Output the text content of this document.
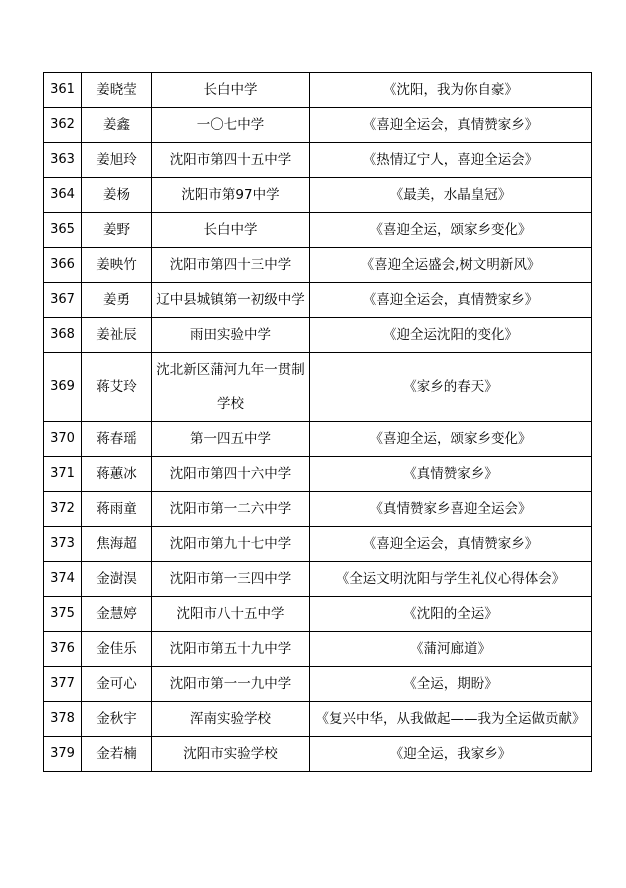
361	姜晓莹	长白中学	《沈阳，我为你自豪》
362	姜鑫	一〇七中学	《喜迎全运会，真情赞家乡》
363	姜旭玲	沈阳市第四十五中学	《热情辽宁人，喜迎全运会》
364	姜杨	沈阳市第97中学	《最美，水晶皇冠》
365	姜野	长白中学	《喜迎全运，颂家乡变化》
366	姜映竹	沈阳市第四十三中学	《喜迎全运盛会,树文明新风》
367	姜勇	辽中县城镇第一初级中学	《喜迎全运会，真情赞家乡》
368	姜祉辰	雨田实验中学	《迎全运沈阳的变化》
369	蒋艾玲	沈北新区蒲河九年一贯制学校	《家乡的春天》
370	蒋春瑶	第一四五中学	《喜迎全运，颂家乡变化》
371	蒋蕙冰	沈阳市第四十六中学	《真情赞家乡》
372	蒋雨童	沈阳市第一二六中学	《真情赞家乡喜迎全运会》
373	焦海超	沈阳市第九十七中学	《喜迎全运会，真情赞家乡》
374	金澍淏	沈阳市第一三四中学	《全运文明沈阳与学生礼仪心得体会》
375	金慧婷	沈阳市八十五中学	《沈阳的全运》
376	金佳乐	沈阳市第五十九中学	《蒲河廊道》
377	金可心	沈阳市第一一九中学	《全运，期盼》
378	金秋宇	浑南实验学校	《复兴中华，从我做起——我为全运做贡献》
379	金若楠	沈阳市实验学校	《迎全运，我家乡》
